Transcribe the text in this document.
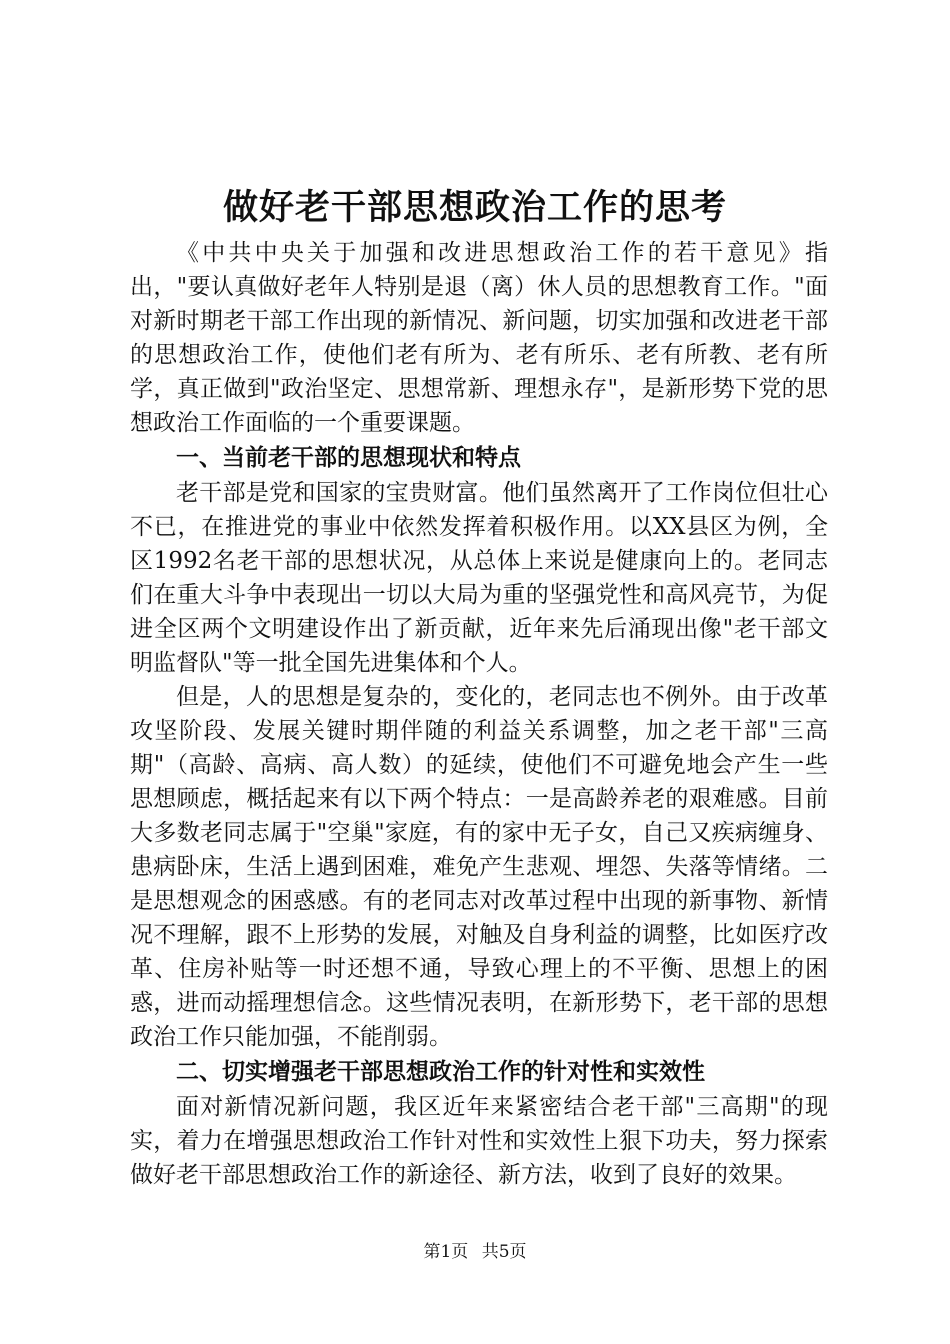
做好老干部思想政治工作的思考

《中共中央关于加强和改进思想政治工作的若干意见》指出，"要认真做好老年人特别是退（离）休人员的思想教育工作。"面对新时期老干部工作出现的新情况、新问题，切实加强和改进老干部的思想政治工作，使他们老有所为、老有所乐、老有所教、老有所学，真正做到"政治坚定、思想常新、理想永存"，是新形势下党的思想政治工作面临的一个重要课题。

一、当前老干部的思想现状和特点

老干部是党和国家的宝贵财富。他们虽然离开了工作岗位但壮心不已，在推进党的事业中依然发挥着积极作用。以XX县区为例，全区1992名老干部的思想状况，从总体上来说是健康向上的。老同志们在重大斗争中表现出一切以大局为重的坚强党性和高风亮节，为促进全区两个文明建设作出了新贡献，近年来先后涌现出像"老干部文明监督队"等一批全国先进集体和个人。

但是，人的思想是复杂的，变化的，老同志也不例外。由于改革攻坚阶段、发展关键时期伴随的利益关系调整，加之老干部"三高期"（高龄、高病、高人数）的延续，使他们不可避免地会产生一些思想顾虑，概括起来有以下两个特点：一是高龄养老的艰难感。目前大多数老同志属于"空巢"家庭，有的家中无子女，自己又疾病缠身、患病卧床，生活上遇到困难，难免产生悲观、埋怨、失落等情绪。二是思想观念的困惑感。有的老同志对改革过程中出现的新事物、新情况不理解，跟不上形势的发展，对触及自身利益的调整，比如医疗改革、住房补贴等一时还想不通，导致心理上的不平衡、思想上的困惑，进而动摇理想信念。这些情况表明，在新形势下，老干部的思想政治工作只能加强，不能削弱。

二、切实增强老干部思想政治工作的针对性和实效性

面对新情况新问题，我区近年来紧密结合老干部"三高期"的现实，着力在增强思想政治工作针对性和实效性上狠下功夫，努力探索做好老干部思想政治工作的新途径、新方法，收到了良好的效果。

第1页 共5页
